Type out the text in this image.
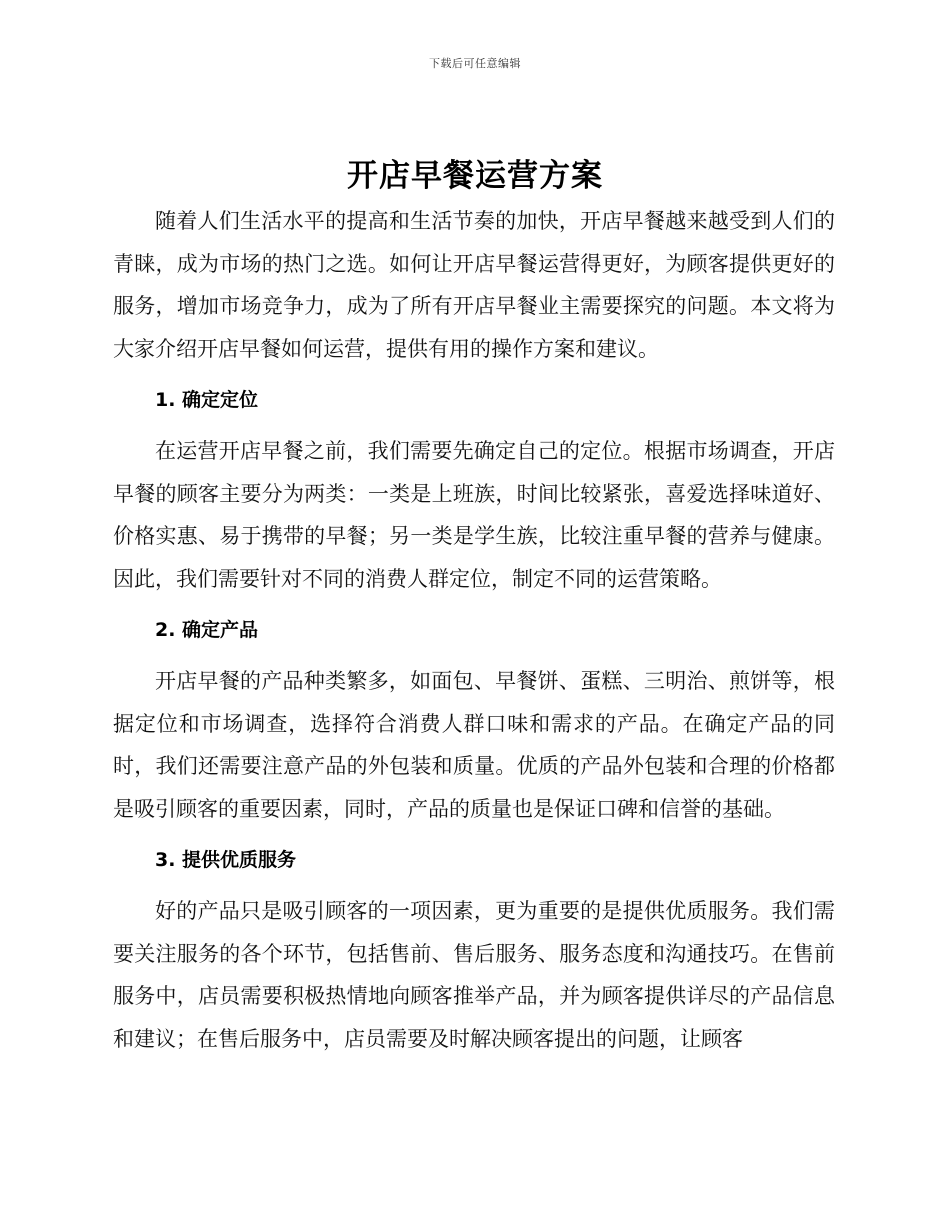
下载后可任意编辑
开店早餐运营方案

随着人们生活水平的提高和生活节奏的加快，开店早餐越来越受到人们的青睐，成为市场的热门之选。如何让开店早餐运营得更好，为顾客提供更好的服务，增加市场竞争力，成为了所有开店早餐业主需要探究的问题。本文将为大家介绍开店早餐如何运营，提供有用的操作方案和建议。

1. 确定定位

在运营开店早餐之前，我们需要先确定自己的定位。根据市场调查，开店早餐的顾客主要分为两类：一类是上班族，时间比较紧张，喜爱选择味道好、价格实惠、易于携带的早餐；另一类是学生族，比较注重早餐的营养与健康。因此，我们需要针对不同的消费人群定位，制定不同的运营策略。

2. 确定产品

开店早餐的产品种类繁多，如面包、早餐饼、蛋糕、三明治、煎饼等，根据定位和市场调查，选择符合消费人群口味和需求的产品。在确定产品的同时，我们还需要注意产品的外包装和质量。优质的产品外包装和合理的价格都是吸引顾客的重要因素，同时，产品的质量也是保证口碑和信誉的基础。

3. 提供优质服务

好的产品只是吸引顾客的一项因素，更为重要的是提供优质服务。我们需要关注服务的各个环节，包括售前、售后服务、服务态度和沟通技巧。在售前服务中，店员需要积极热情地向顾客推举产品，并为顾客提供详尽的产品信息和建议；在售后服务中，店员需要及时解决顾客提出的问题，让顾客
